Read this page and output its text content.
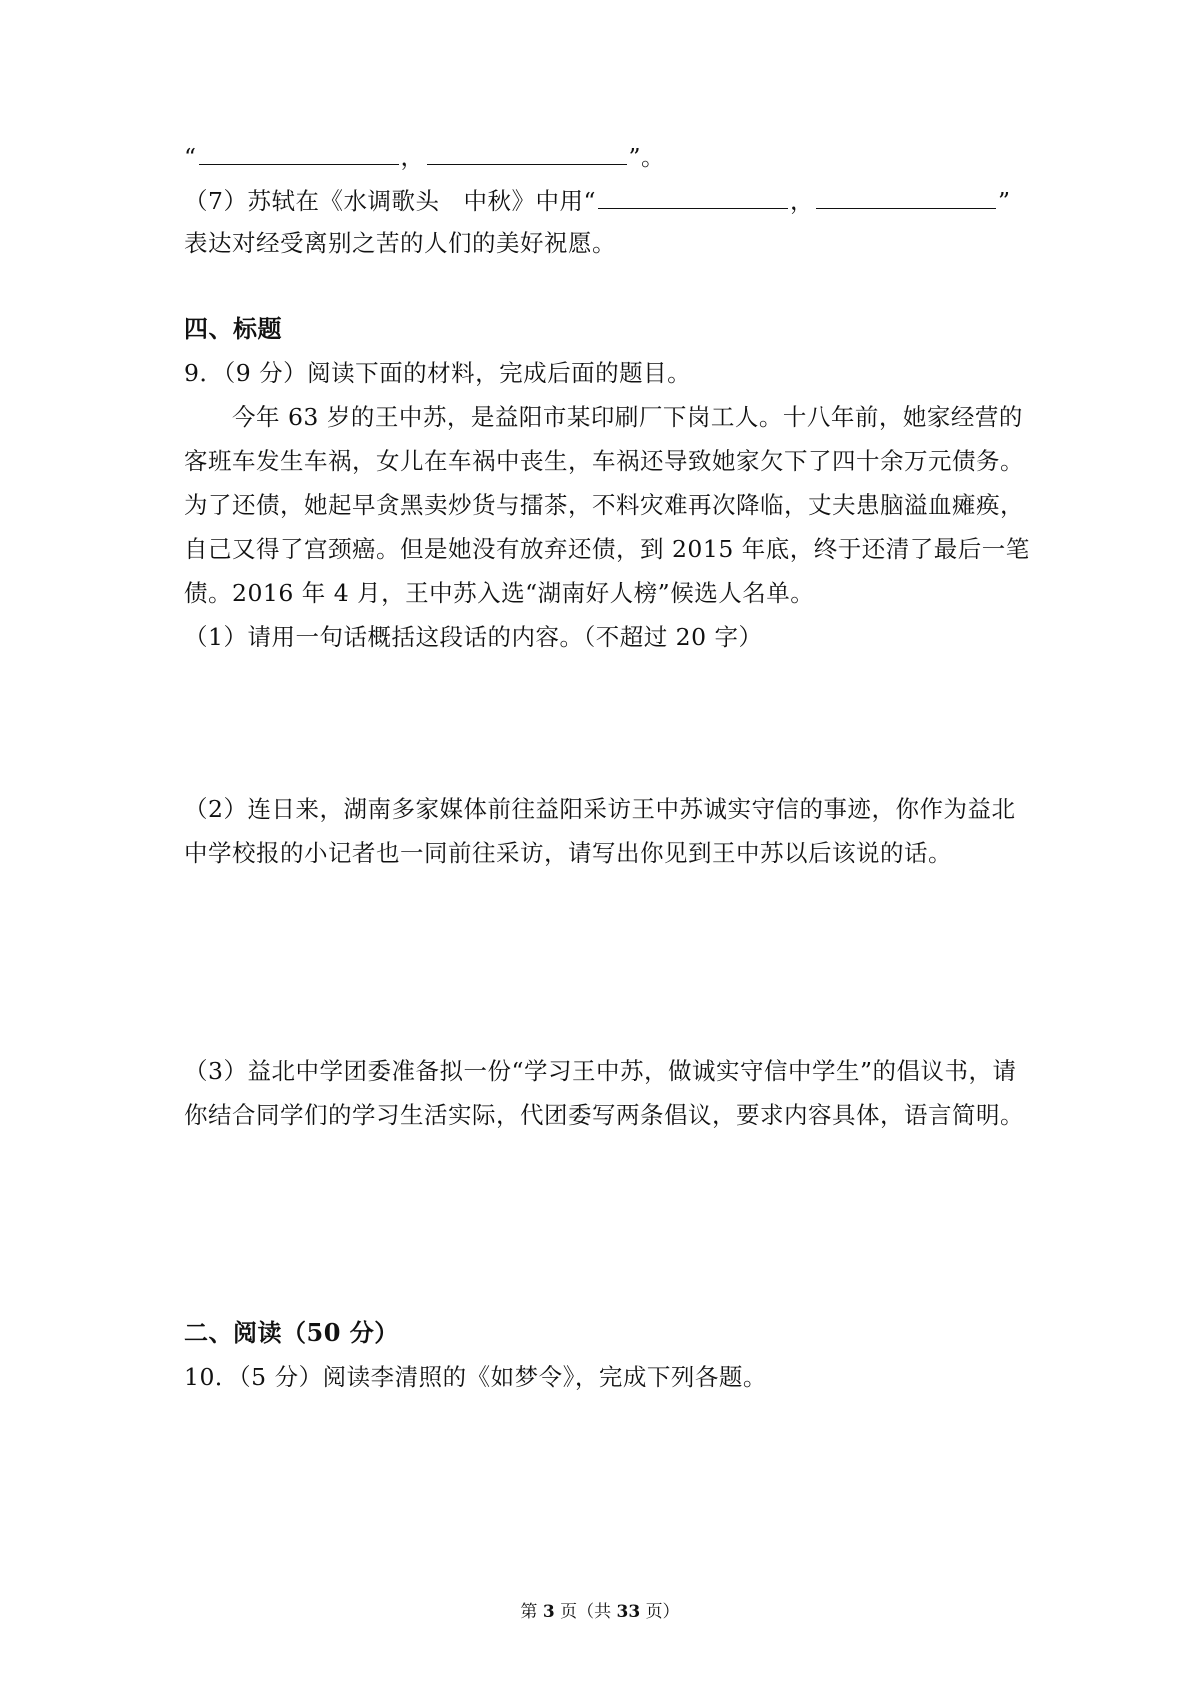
“	，	”。
（7）苏轼在《水调歌头　中秋》中用“	，	”
表达对经受离别之苦的人们的美好祝愿。
四、标题
9．（9 分）阅读下面的材料，完成后面的题目。
今年 63 岁的王中苏，是益阳市某印刷厂下岗工人。十八年前，她家经营的
客班车发生车祸，女儿在车祸中丧生，车祸还导致她家欠下了四十余万元债务。
为了还债，她起早贪黑卖炒货与擂茶，不料灾难再次降临，丈夫患脑溢血瘫痪，
自己又得了宫颈癌。但是她没有放弃还债，到 2015 年底，终于还清了最后一笔
债。2016 年 4 月，王中苏入选“湖南好人榜”候选人名单。
（1）请用一句话概括这段话的内容。（不超过 20 字）
（2）连日来，湖南多家媒体前往益阳采访王中苏诚实守信的事迹，你作为益北
中学校报的小记者也一同前往采访，请写出你见到王中苏以后该说的话。
（3）益北中学团委准备拟一份“学习王中苏，做诚实守信中学生”的倡议书，请
你结合同学们的学习生活实际，代团委写两条倡议，要求内容具体，语言简明。
二、阅读（50 分）
10．（5 分）阅读李清照的《如梦令》，完成下列各题。
第 3 页（共 33 页）
